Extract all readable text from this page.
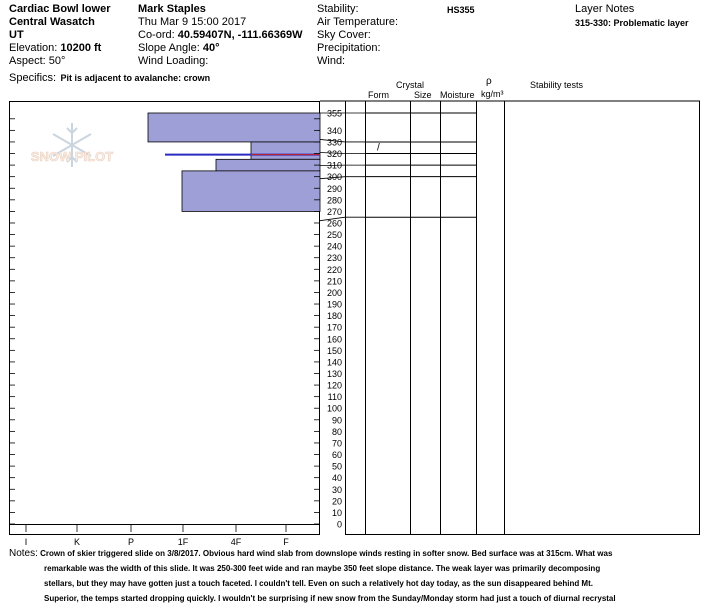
Cardiac Bowl lower
Central Wasatch
UT
Elevation: 10200 ft
Aspect: 50°
Specifics: Pit is adjacent to avalanche: crown
Mark Staples
Thu Mar 9 15:00 2017
Co-ord: 40.59407N, -111.66369W
Slope Angle: 40°
Wind Loading:
Stability:
Air Temperature:
Sky Cover:
Precipitation:
Wind:
HS355	Layer Notes
315-330: Problematic layer
Crystal
Form	Size Moisture
ρ
kg/m³
Stability tests
SNOW PILOT
355
340
330
320
310
300
290
280
270
260
250
240
230
220
210
200
190
180
170
160
150
140
130
120
110
100
90
80
70
60
50
40
30
20
10
0
I	K	P	1F	4F	F
/
Notes: Crown of skier triggered slide on 3/8/2017. Obvious hard wind slab from downslope winds resting in softer snow. Bed surface was at 315cm. What was
remarkable was the width of this slide. It was 250-300 feet wide and ran maybe 350 feet slope distance. The weak layer was primarily decomposing
stellars, but they may have gotten just a touch faceted. I couldn't tell. Even on such a relatively hot day today, as the sun disappeared behind Mt.
Superior, the temps started dropping quickly. I wouldn't be surprising if new snow from the Sunday/Monday storm had just a touch of diurnal recrystal
